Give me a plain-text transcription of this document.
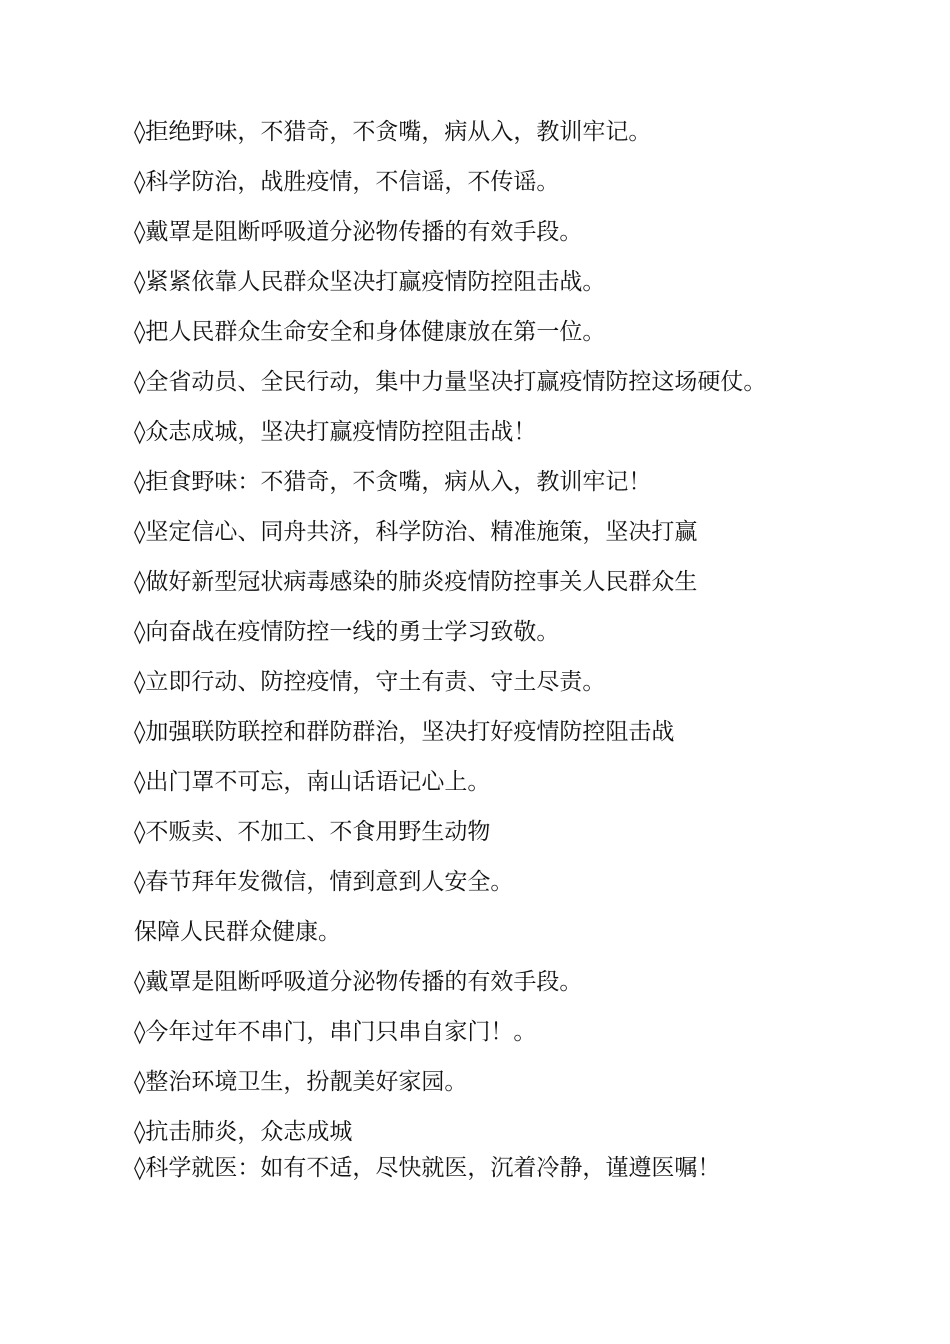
◊拒绝野味，不猎奇，不贪嘴，病从入，教训牢记。
◊科学防治，战胜疫情，不信谣，不传谣。
◊戴罩是阻断呼吸道分泌物传播的有效手段。
◊紧紧依靠人民群众坚决打赢疫情防控阻击战。
◊把人民群众生命安全和身体健康放在第一位。
◊全省动员、全民行动，集中力量坚决打赢疫情防控这场硬仗。
◊众志成城，坚决打赢疫情防控阻击战！
◊拒食野味：不猎奇，不贪嘴，病从入，教训牢记！
◊坚定信心、同舟共济，科学防治、精准施策，坚决打赢
◊做好新型冠状病毒感染的肺炎疫情防控事关人民群众生
◊向奋战在疫情防控一线的勇士学习致敬。
◊立即行动、防控疫情，守土有责、守土尽责。
◊加强联防联控和群防群治，坚决打好疫情防控阻击战
◊出门罩不可忘，南山话语记心上。
◊不贩卖、不加工、不食用野生动物
◊春节拜年发微信，情到意到人安全。
保障人民群众健康。
◊戴罩是阻断呼吸道分泌物传播的有效手段。
◊今年过年不串门，串门只串自家门！。
◊整治环境卫生，扮靓美好家园。
◊抗击肺炎，众志成城
◊科学就医：如有不适，尽快就医，沉着冷静，谨遵医嘱！
